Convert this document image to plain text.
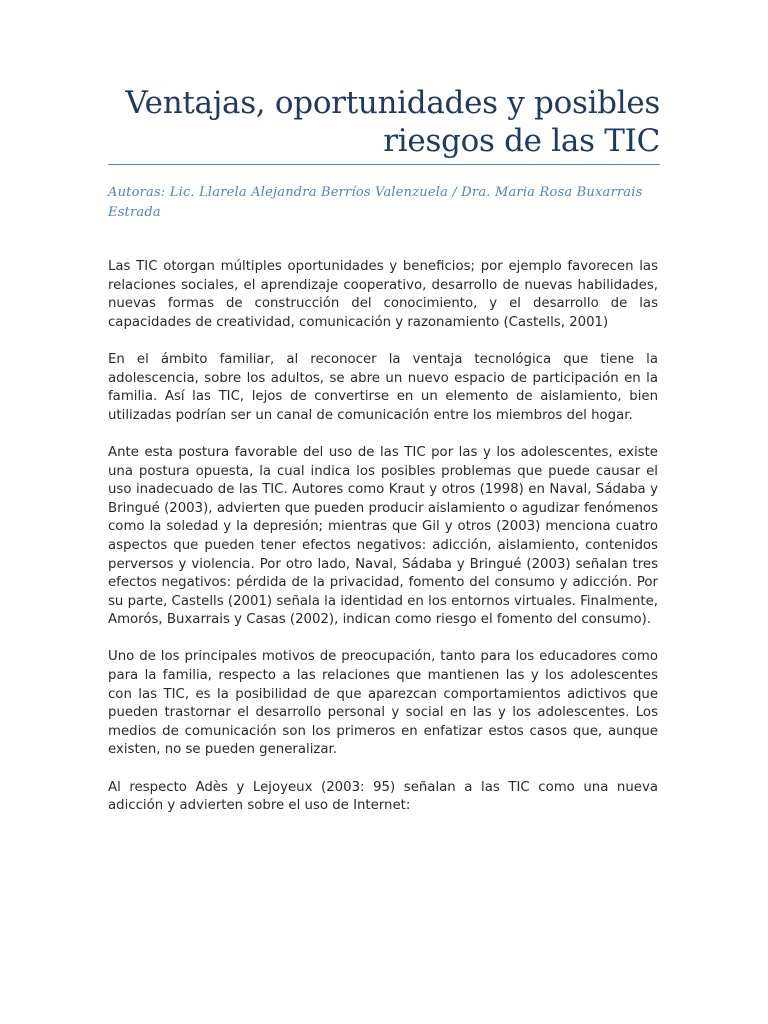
Ventajas, oportunidades y posibles
riesgos de las TIC
Autoras: Lic. Llarela Alejandra Berríos Valenzuela / Dra. Maria Rosa Buxarrais Estrada

Las TIC otorgan múltiples oportunidades y beneficios; por ejemplo favorecen las relaciones sociales, el aprendizaje cooperativo, desarrollo de nuevas habilidades, nuevas formas de construcción del conocimiento, y el desarrollo de las capacidades de creatividad, comunicación y razonamiento (Castells, 2001)

En el ámbito familiar, al reconocer la ventaja tecnológica que tiene la adolescencia, sobre los adultos, se abre un nuevo espacio de participación en la familia. Así las TIC, lejos de convertirse en un elemento de aislamiento, bien utilizadas podrían ser un canal de comunicación entre los miembros del hogar.

Ante esta postura favorable del uso de las TIC por las y los adolescentes, existe una postura opuesta, la cual indica los posibles problemas que puede causar el uso inadecuado de las TIC. Autores como Kraut y otros (1998) en Naval, Sádaba y Bringué (2003), advierten que pueden producir aislamiento o agudizar fenómenos como la soledad y la depresión; mientras que Gil y otros (2003) menciona cuatro aspectos que pueden tener efectos negativos: adicción, aislamiento, contenidos perversos y violencia. Por otro lado, Naval, Sádaba y Bringué (2003) señalan tres efectos negativos: pérdida de la privacidad, fomento del consumo y adicción. Por su parte, Castells (2001) señala la identidad en los entornos virtuales. Finalmente, Amorós, Buxarrais y Casas (2002), indican como riesgo el fomento del consumo).

Uno de los principales motivos de preocupación, tanto para los educadores como para la familia, respecto a las relaciones que mantienen las y los adolescentes con las TIC, es la posibilidad de que aparezcan comportamientos adictivos que pueden trastornar el desarrollo personal y social en las y los adolescentes. Los medios de comunicación son los primeros en enfatizar estos casos que, aunque existen, no se pueden generalizar.

Al respecto Adès y Lejoyeux (2003: 95) señalan a las TIC como una nueva adicción y advierten sobre el uso de Internet:
